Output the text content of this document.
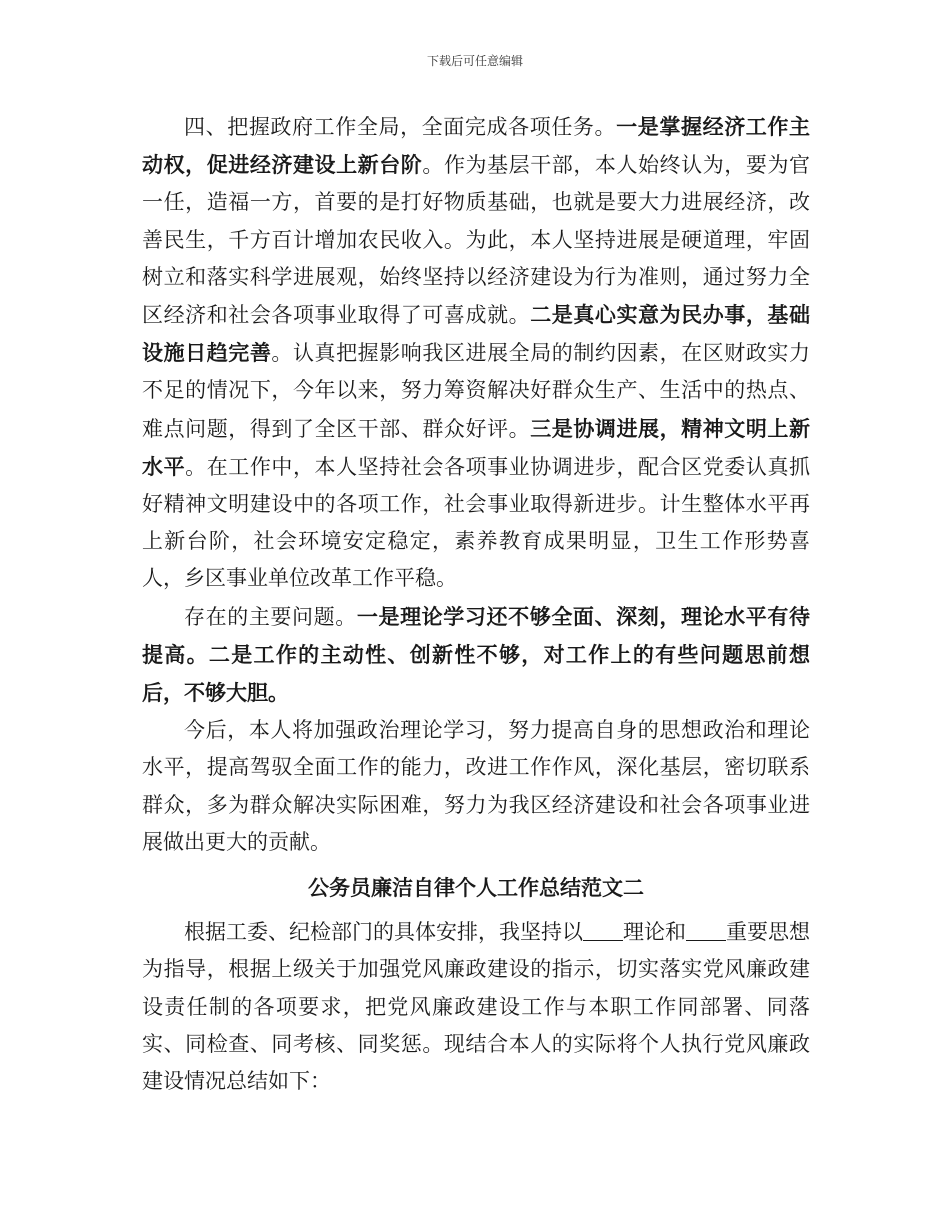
下载后可任意编辑

四、把握政府工作全局，全面完成各项任务。一是掌握经济工作主动权，促进经济建设上新台阶。作为基层干部，本人始终认为，要为官一任，造福一方，首要的是打好物质基础，也就是要大力进展经济，改善民生，千方百计增加农民收入。为此，本人坚持进展是硬道理，牢固树立和落实科学进展观，始终坚持以经济建设为行为准则，通过努力全区经济和社会各项事业取得了可喜成就。二是真心实意为民办事，基础设施日趋完善。认真把握影响我区进展全局的制约因素，在区财政实力不足的情况下，今年以来，努力筹资解决好群众生产、生活中的热点、难点问题，得到了全区干部、群众好评。三是协调进展，精神文明上新水平。在工作中，本人坚持社会各项事业协调进步，配合区党委认真抓好精神文明建设中的各项工作，社会事业取得新进步。计生整体水平再上新台阶，社会环境安定稳定，素养教育成果明显，卫生工作形势喜人，乡区事业单位改革工作平稳。

存在的主要问题。一是理论学习还不够全面、深刻，理论水平有待提高。二是工作的主动性、创新性不够，对工作上的有些问题思前想后，不够大胆。

今后，本人将加强政治理论学习，努力提高自身的思想政治和理论水平，提高驾驭全面工作的能力，改进工作作风，深化基层，密切联系群众，多为群众解决实际困难，努力为我区经济建设和社会各项事业进展做出更大的贡献。

公务员廉洁自律个人工作总结范文二

根据工委、纪检部门的具体安排，我坚持以 理论和 重要思想为指导，根据上级关于加强党风廉政建设的指示，切实落实党风廉政建设责任制的各项要求，把党风廉政建设工作与本职工作同部署、同落实、同检查、同考核、同奖惩。现结合本人的实际将个人执行党风廉政建设情况总结如下：
